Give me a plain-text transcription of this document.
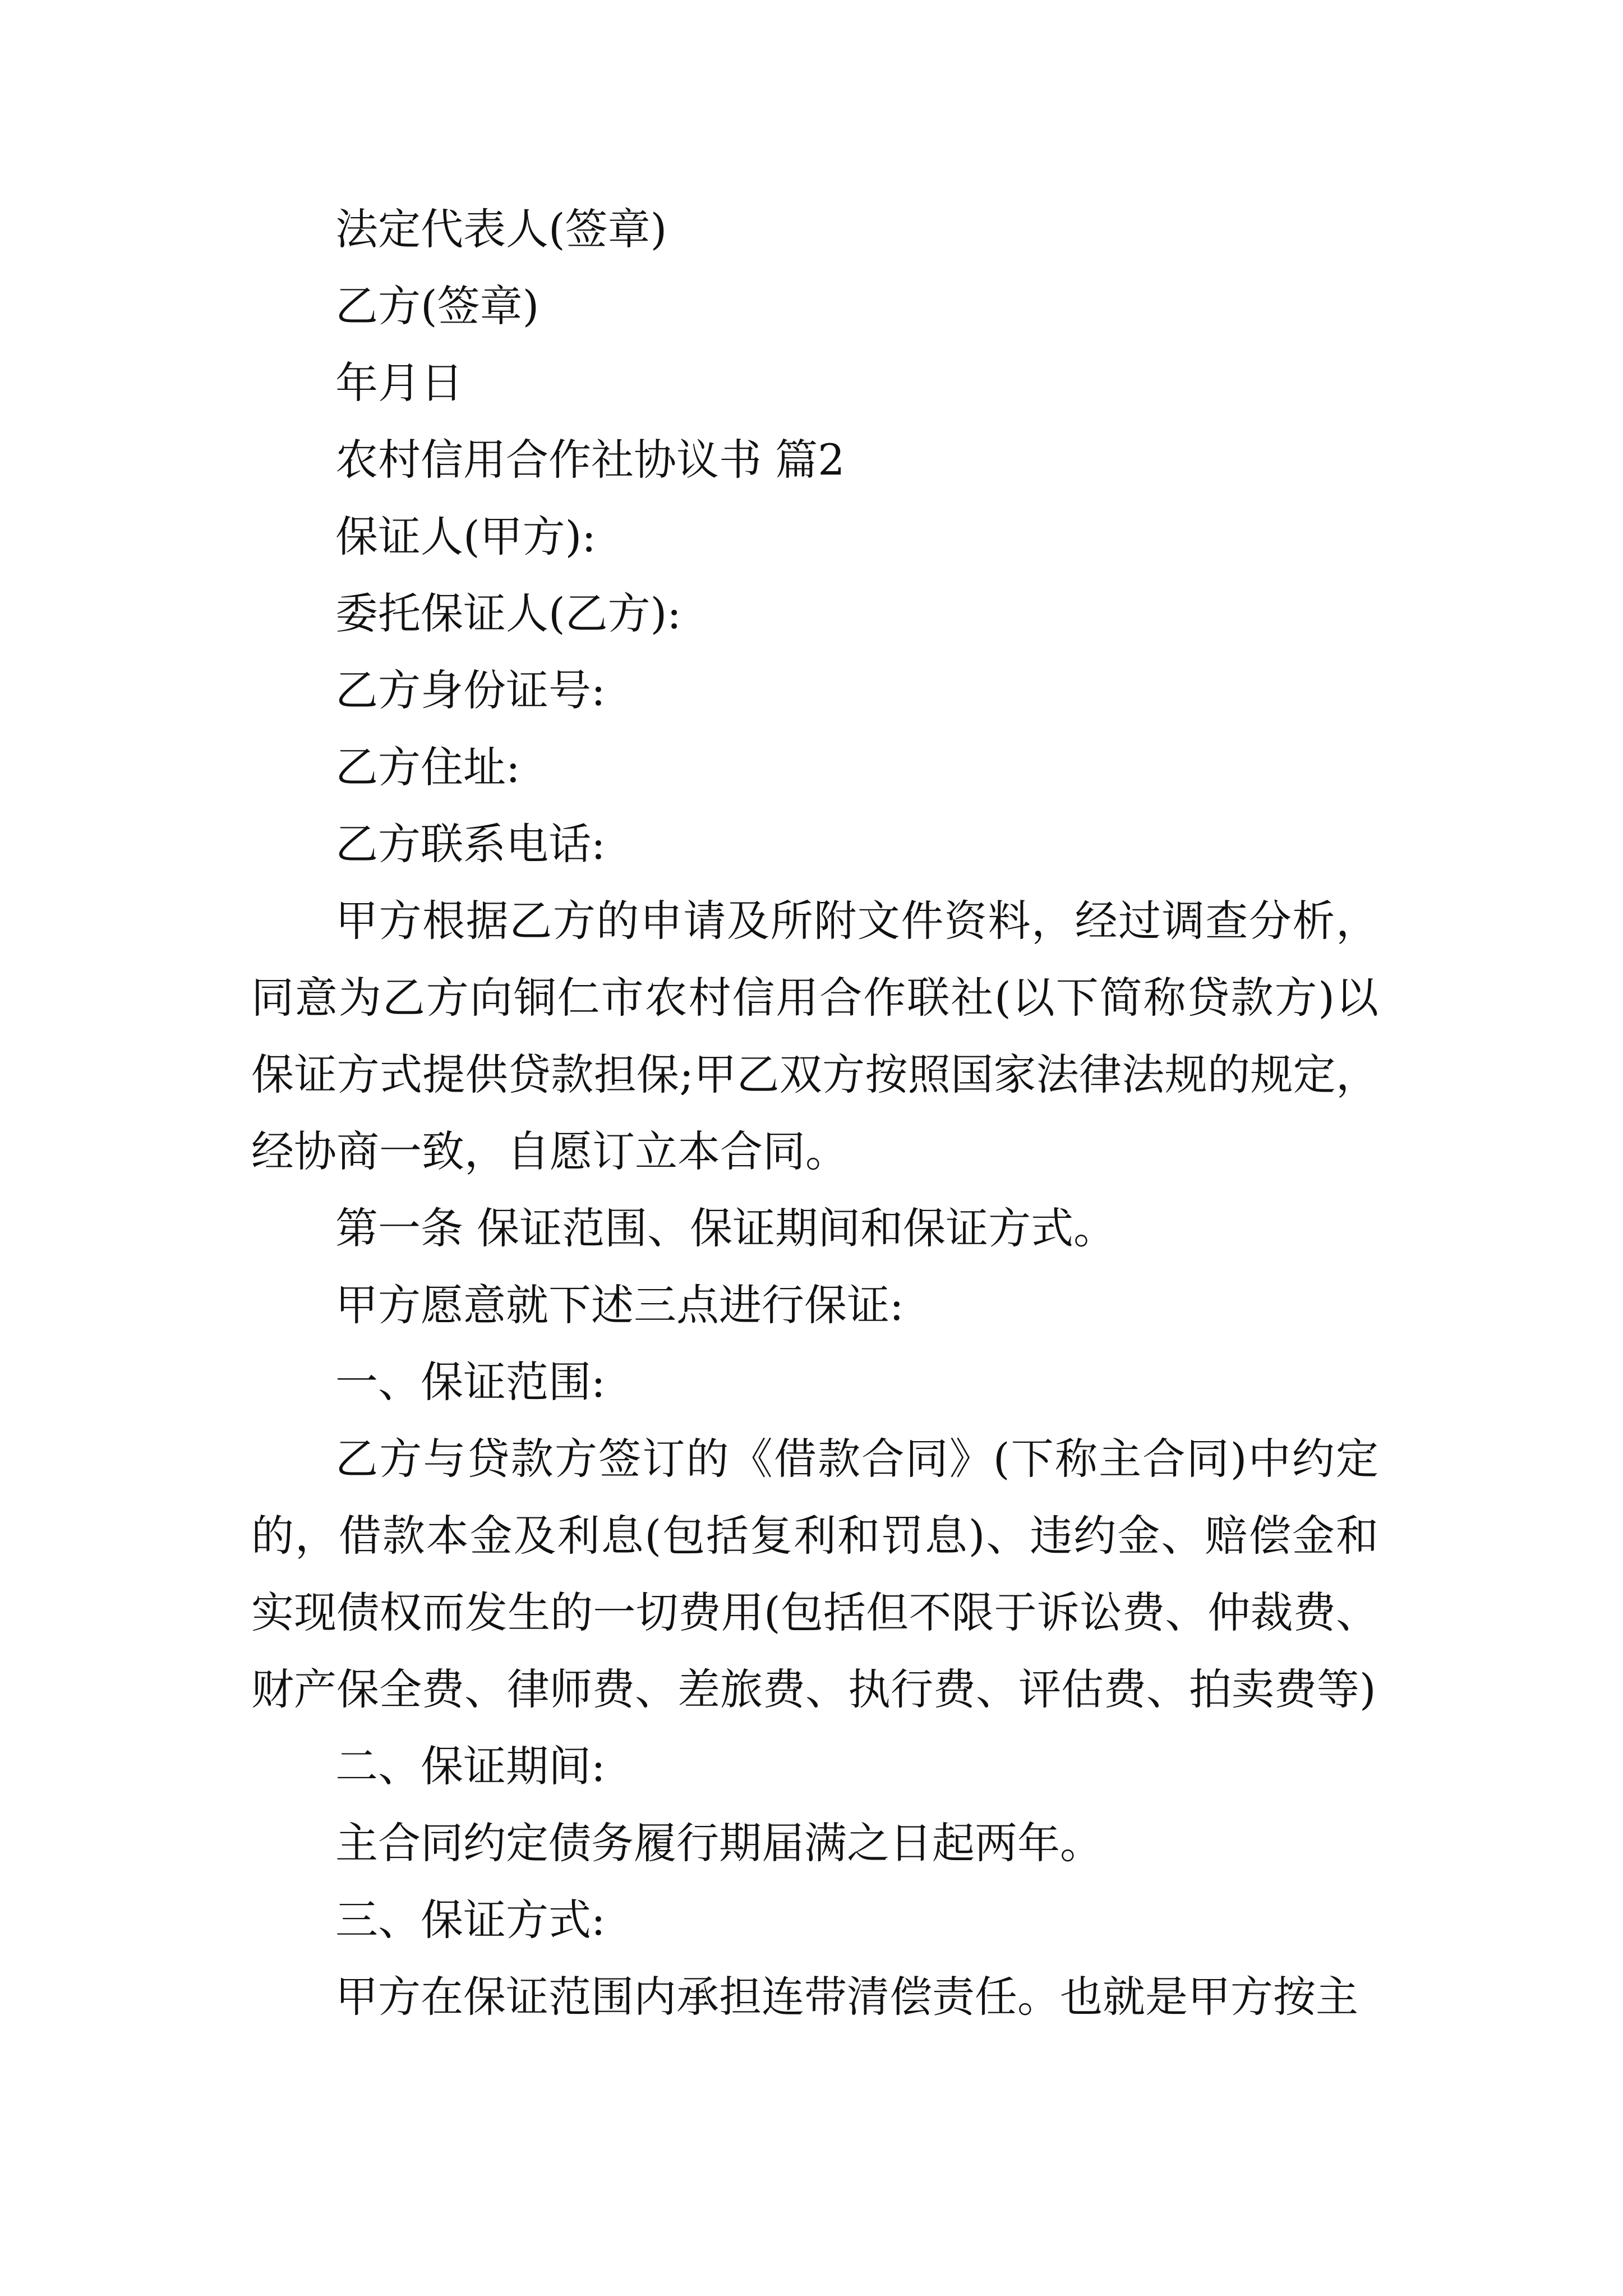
法定代表人(签章)
乙方(签章)
年月日
农村信用合作社协议书 篇2
保证人(甲方):
委托保证人(乙方):
乙方身份证号:
乙方住址:
乙方联系电话:

甲方根据乙方的申请及所附文件资料，经过调查分析，同意为乙方向铜仁市农村信用合作联社(以下简称贷款方)以保证方式提供贷款担保;甲乙双方按照国家法律法规的规定，经协商一致，自愿订立本合同。

第一条 保证范围、保证期间和保证方式。
甲方愿意就下述三点进行保证:
一、保证范围:

乙方与贷款方签订的《借款合同》(下称主合同)中约定的，借款本金及利息(包括复利和罚息)、违约金、赔偿金和实现债权而发生的一切费用(包括但不限于诉讼费、仲裁费、财产保全费、律师费、差旅费、执行费、评估费、拍卖费等)

二、保证期间:
主合同约定债务履行期届满之日起两年。
三、保证方式:
甲方在保证范围内承担连带清偿责任。也就是甲方按主
